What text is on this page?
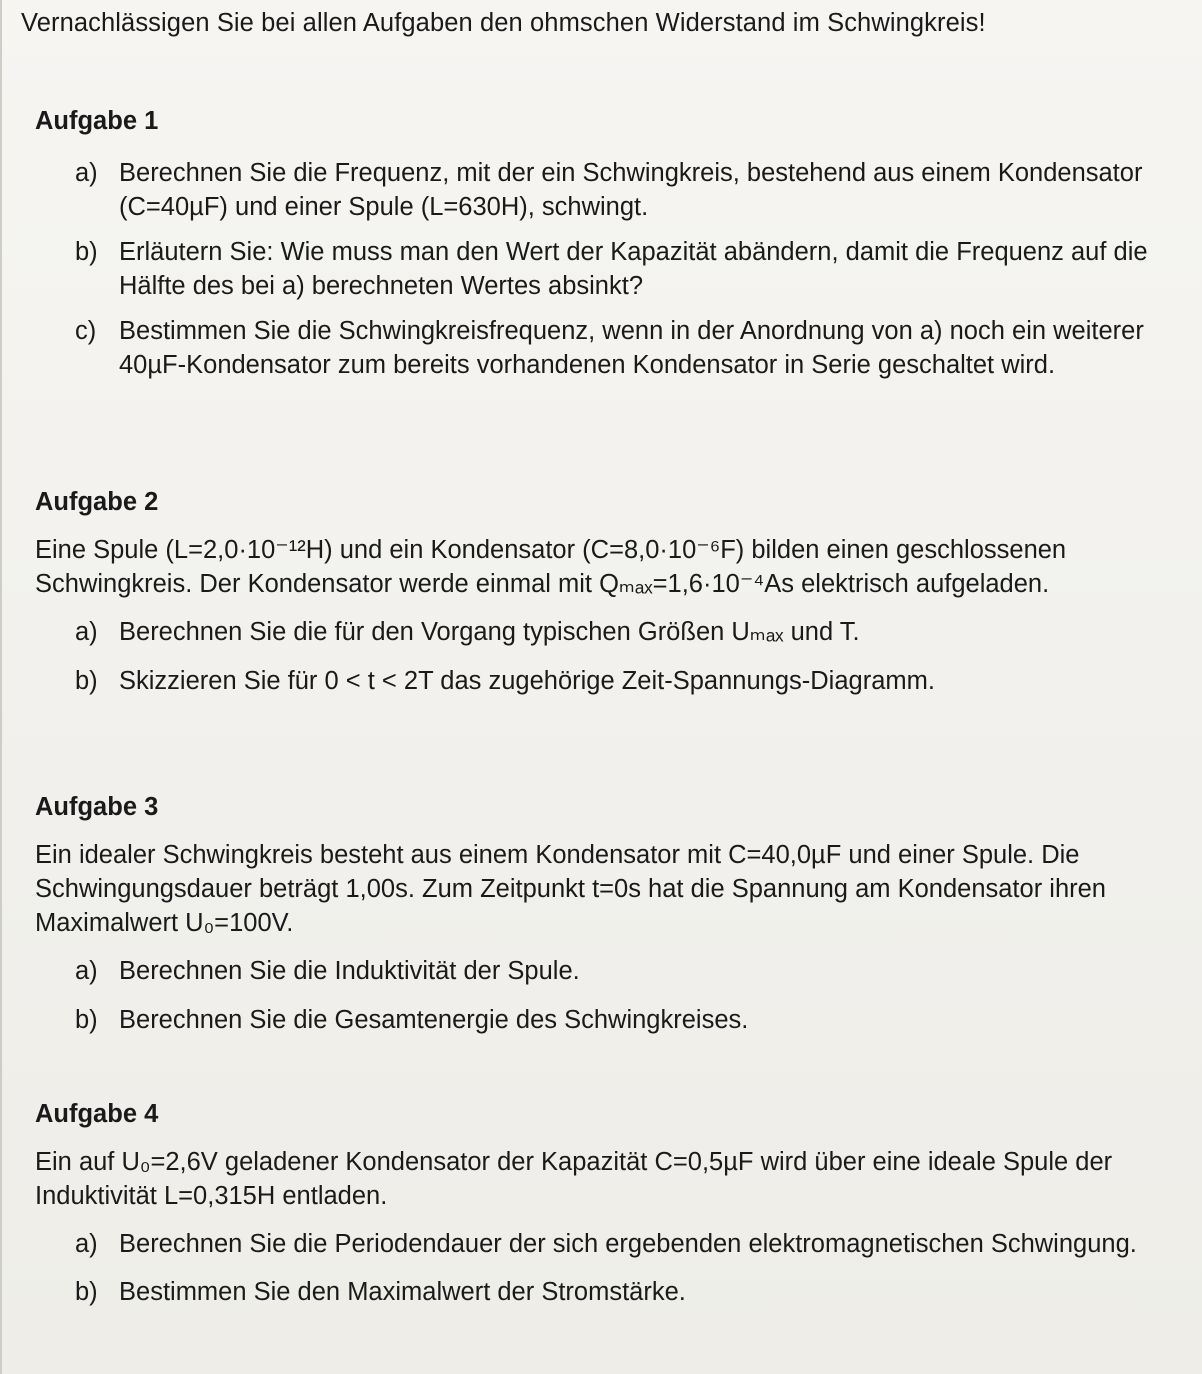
Vernachlässigen Sie bei allen Aufgaben den ohmschen Widerstand im Schwingkreis!

Aufgabe 1
a) Berechnen Sie die Frequenz, mit der ein Schwingkreis, bestehend aus einem Kondensator (C=40µF) und einer Spule (L=630H), schwingt.
b) Erläutern Sie: Wie muss man den Wert der Kapazität abändern, damit die Frequenz auf die Hälfte des bei a) berechneten Wertes absinkt?
c) Bestimmen Sie die Schwingkreisfrequenz, wenn in der Anordnung von a) noch ein weiterer 40µF-Kondensator zum bereits vorhandenen Kondensator in Serie geschaltet wird.
Aufgabe 2

Eine Spule (L=2,0·10⁻¹²H) und ein Kondensator (C=8,0·10⁻⁶F) bilden einen geschlossenen Schwingkreis. Der Kondensator werde einmal mit Qₘₐₓ=1,6·10⁻⁴As elektrisch aufgeladen.

a) Berechnen Sie die für den Vorgang typischen Größen Uₘₐₓ und T.
b) Skizzieren Sie für 0 < t < 2T das zugehörige Zeit-Spannungs-Diagramm.
Aufgabe 3

Ein idealer Schwingkreis besteht aus einem Kondensator mit C=40,0µF und einer Spule. Die Schwingungsdauer beträgt 1,00s. Zum Zeitpunkt t=0s hat die Spannung am Kondensator ihren Maximalwert U₀=100V.

a) Berechnen Sie die Induktivität der Spule.
b) Berechnen Sie die Gesamtenergie des Schwingkreises.
Aufgabe 4

Ein auf U₀=2,6V geladener Kondensator der Kapazität C=0,5µF wird über eine ideale Spule der Induktivität L=0,315H entladen.

a) Berechnen Sie die Periodendauer der sich ergebenden elektromagnetischen Schwingung.
b) Bestimmen Sie den Maximalwert der Stromstärke.
